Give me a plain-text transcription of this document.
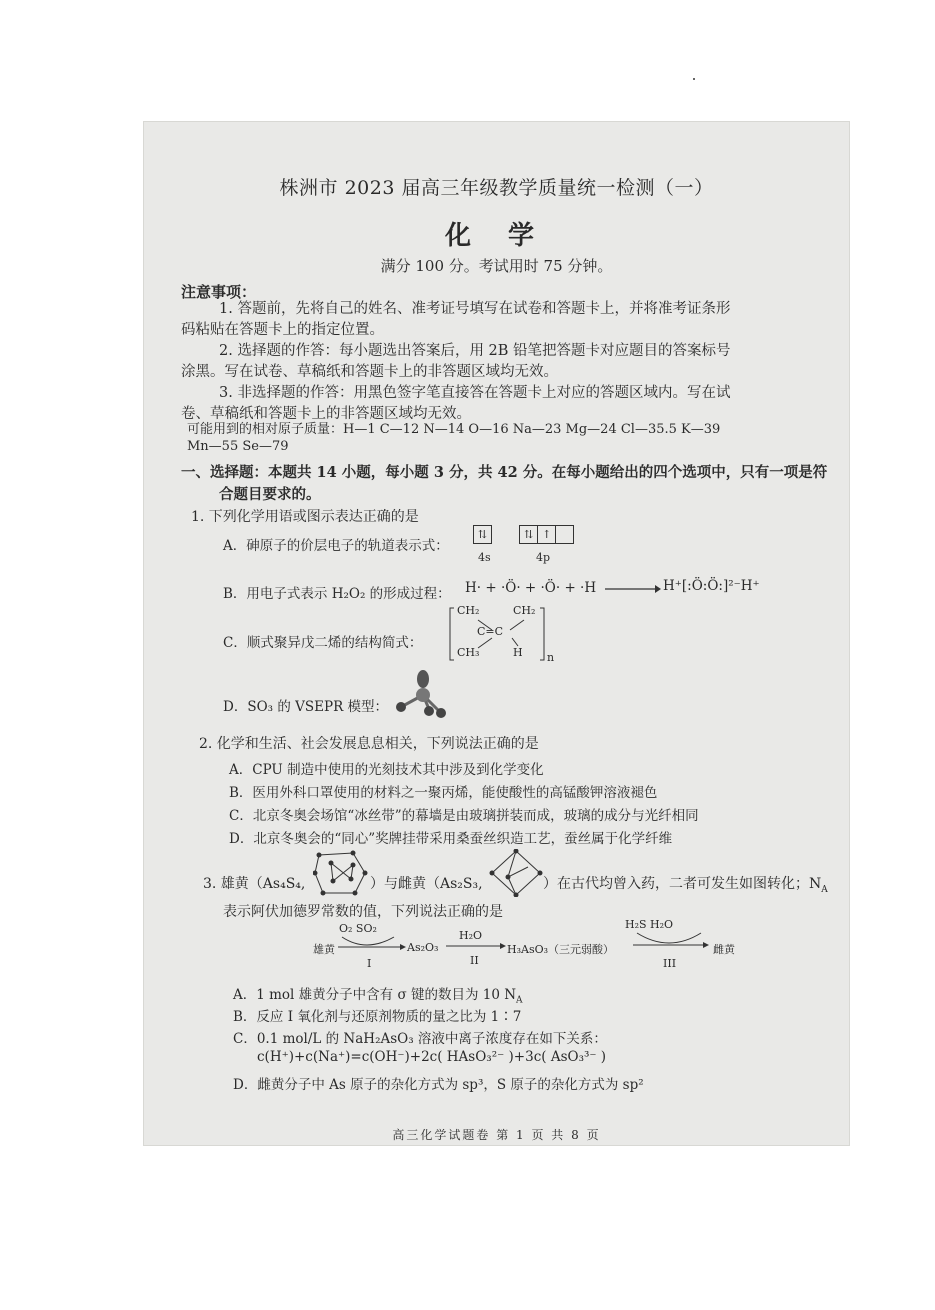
株洲市 2023 届高三年级教学质量统一检测（一）
化 学
满分 100 分。考试用时 75 分钟。
注意事项：
1. 答题前，先将自己的姓名、准考证号填写在试卷和答题卡上，并将准考证条形
码粘贴在答题卡上的指定位置。
2. 选择题的作答：每小题选出答案后，用 2B 铅笔把答题卡对应题目的答案标号
涂黑。写在试卷、草稿纸和答题卡上的非答题区域均无效。
3. 非选择题的作答：用黑色签字笔直接答在答题卡上对应的答题区域内。写在试
卷、草稿纸和答题卡上的非答题区域均无效。
可能用到的相对原子质量：H—1 C—12 N—14 O—16 Na—23 Mg—24 Cl—35.5 K—39
Mn—55 Se—79
一、选择题：本题共 14 小题，每小题 3 分，共 42 分。在每小题给出的四个选项中，只有一项是符
合题目要求的。
1. 下列化学用语或图示表达正确的是
A．砷原子的价层电子的轨道表示式：
⇅	⇅ ↑
4s	4p
B．用电子式表示 H₂O₂ 的形成过程： H· + ·Ö· + ·Ö· + ·H	H⁺[:Ö:Ö:]²⁻H⁺
C．顺式聚异戊二烯的结构简式：
CH₂	CH₂
C=C
CH₃	H n
D．SO₃ 的 VSEPR 模型：
2. 化学和生活、社会发展息息相关，下列说法正确的是
A．CPU 制造中使用的光刻技术其中涉及到化学变化
B．医用外科口罩使用的材料之一聚丙烯，能使酸性的高锰酸钾溶液褪色
C．北京冬奥会场馆“冰丝带”的幕墙是由玻璃拼装而成，玻璃的成分与光纤相同
D．北京冬奥会的“同心”奖牌挂带采用桑蚕丝织造工艺，蚕丝属于化学纤维
3. 雄黄（As₄S₄,	）与雌黄（As₂S₃,	）在古代均曾入药，二者可发生如图转化；$N_A$
表示阿伏加德罗常数的值，下列说法正确的是
雄黄
O₂ SO₂
I
As₂O₃
H₂O
II
H₃AsO₃（三元弱酸）
H₂S H₂O
III
雌黄
A．1 mol 雄黄分子中含有 σ 键的数目为 10 $N_A$
B．反应 I 氧化剂与还原剂物质的量之比为 1∶7
C．0.1 mol/L 的 NaH₂AsO₃ 溶液中离子浓度存在如下关系：
c(H⁺)+c(Na⁺)=c(OH⁻)+2c( HAsO₃²⁻ )+3c( AsO₃³⁻ )
D．雌黄分子中 As 原子的杂化方式为 sp³，S 原子的杂化方式为 sp²
高三化学试题卷 第 1 页 共 8 页
